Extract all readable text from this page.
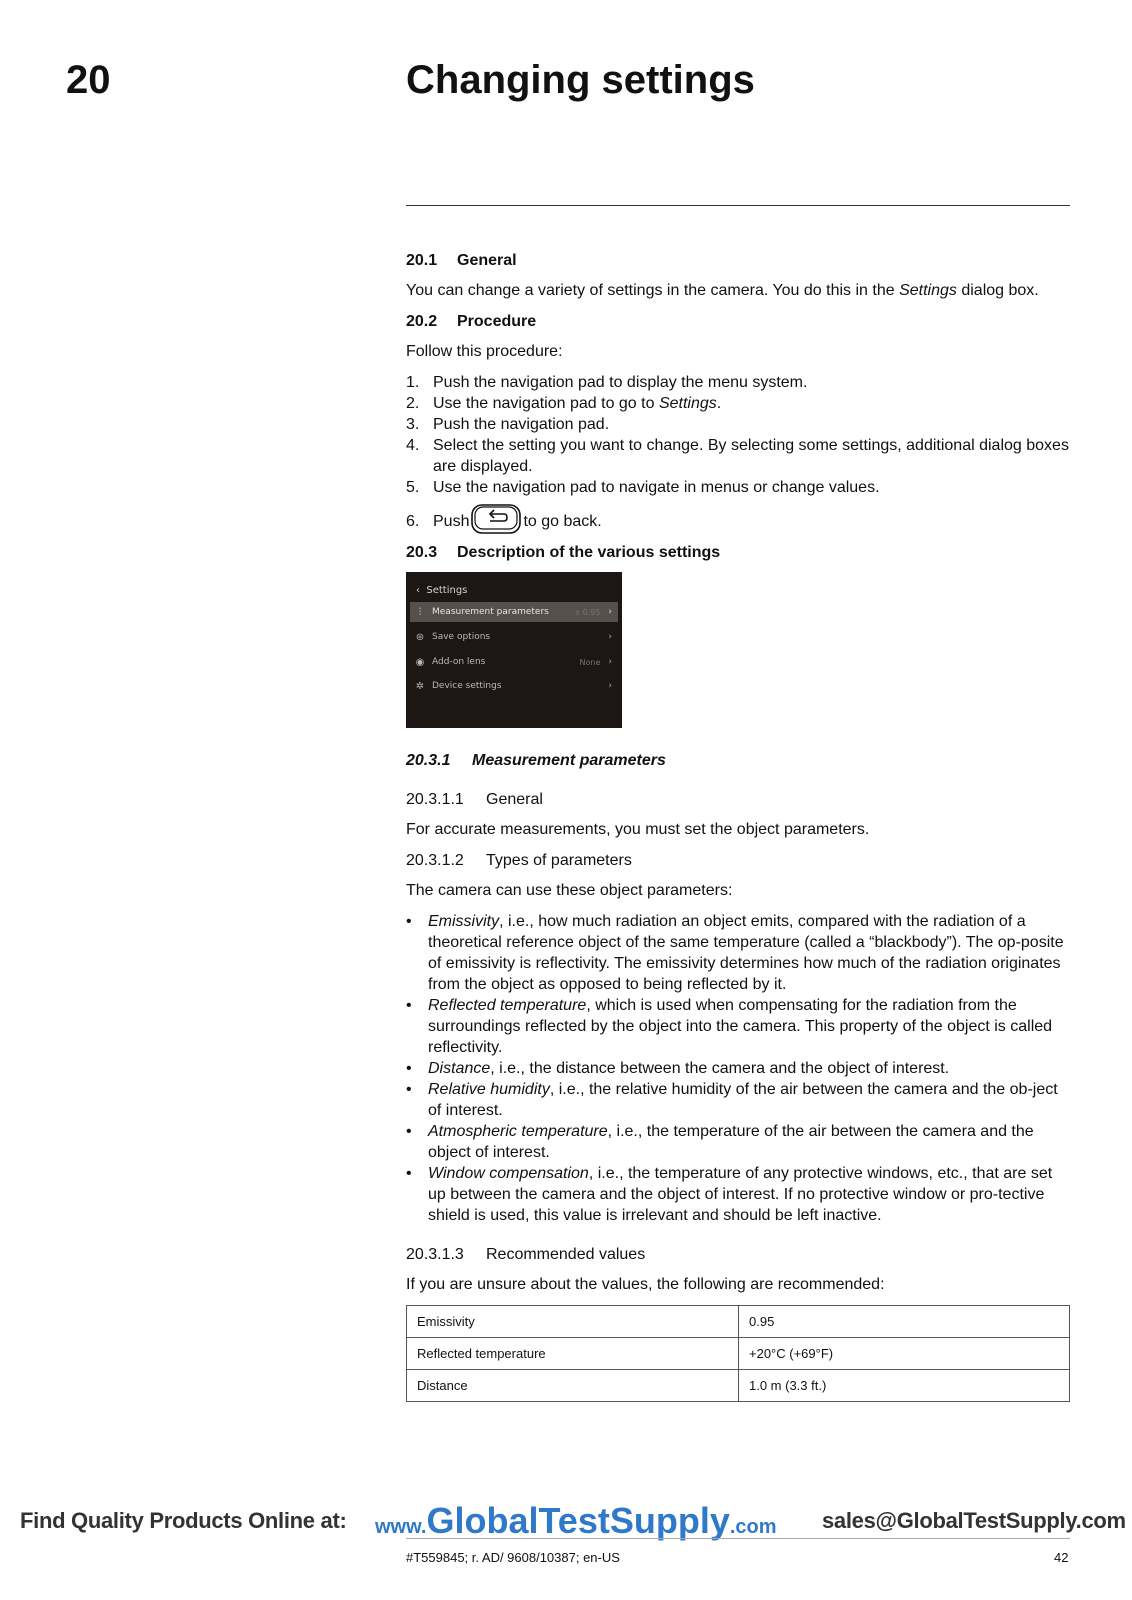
20	Changing settings
20.1 General

You can change a variety of settings in the camera. You do this in the Settings dialog box.

20.2 Procedure

Follow this procedure:

1. Push the navigation pad to display the menu system.
2. Use the navigation pad to go to Settings.
3. Push the navigation pad.
4. Select the setting you want to change. By selecting some settings, additional dialog boxes are displayed.
5. Use the navigation pad to navigate in menus or change values.
6. Push	to go back.
20.3 Description of the various settings
‹ Settings
⫶	Measurement parameters	ε 0.95 ›
⊛ Save options	›
◉ Add-on lens	None ›
✲ Device settings	›
20.3.1 Measurement parameters
20.3.1.1 General

For accurate measurements, you must set the object parameters.

20.3.1.2 Types of parameters

The camera can use these object parameters:

• Emissivity, i.e., how much radiation an object emits, compared with the radiation of a theoretical reference object of the same temperature (called a “blackbody”). The op-posite of emissivity is reflectivity. The emissivity determines how much of the radiation originates from the object as opposed to being reflected by it.
• Reflected temperature, which is used when compensating for the radiation from the surroundings reflected by the object into the camera. This property of the object is called reflectivity.
• Distance, i.e., the distance between the camera and the object of interest.
• Relative humidity, i.e., the relative humidity of the air between the camera and the ob-ject of interest.
• Atmospheric temperature, i.e., the temperature of the air between the camera and the object of interest.
• Window compensation, i.e., the temperature of any protective windows, etc., that are set up between the camera and the object of interest. If no protective window or pro-tective shield is used, this value is irrelevant and should be left inactive.
20.3.1.3 Recommended values

If you are unsure about the values, the following are recommended:

Emissivity	0.95
Reflected temperature	+20°C (+69°F)
Distance	1.0 m (3.3 ft.)
Find Quality Products Online at: www.GlobalTestSupply.com sales@GlobalTestSupply.com
#T559845; r. AD/ 9608/10387; en-US	42
